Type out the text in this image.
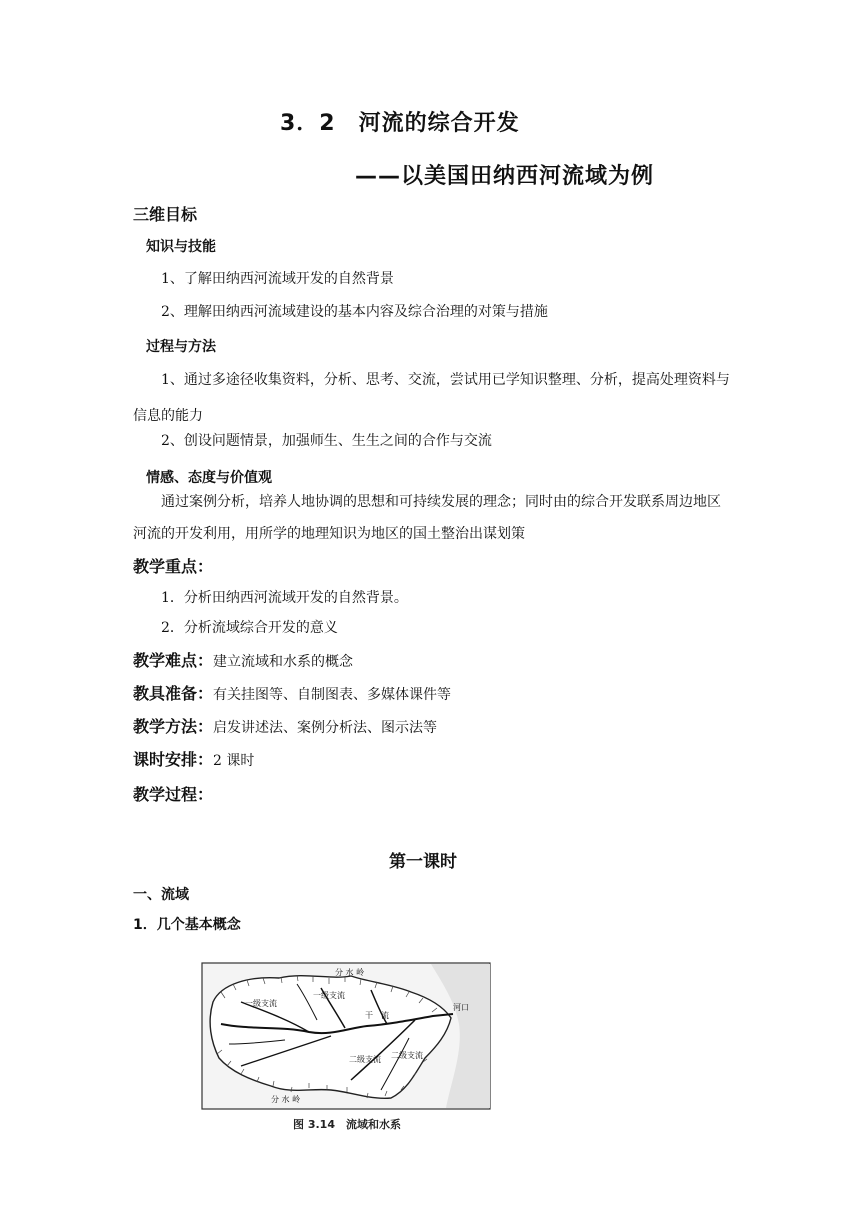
3．2　河流的综合开发
——以美国田纳西河流域为例
三维目标
知识与技能
1、了解田纳西河流域开发的自然背景
2、理解田纳西河流域建设的基本内容及综合治理的对策与措施
过程与方法
1、通过多途径收集资料，分析、思考、交流，尝试用已学知识整理、分析，提高处理资料与信息的能力
2、创设问题情景，加强师生、生生之间的合作与交流
情感、态度与价值观
通过案例分析，培养人地协调的思想和可持续发展的理念；同时由的综合开发联系周边地区河流的开发利用，用所学的地理知识为地区的国土整治出谋划策
教学重点：
1．分析田纳西河流域开发的自然背景。
2．分析流域综合开发的意义
教学难点：建立流域和水系的概念
教具准备：有关挂图等、自制图表、多媒体课件等
教学方法：启发讲述法、案例分析法、图示法等
课时安排：2 课时
教学过程：
第一课时
一、流域
1．几个基本概念
分 水 岭
分 水 岭
河口
干　流
一级支流
一级支流
二级支流 二级支流
图 3.14　流域和水系
